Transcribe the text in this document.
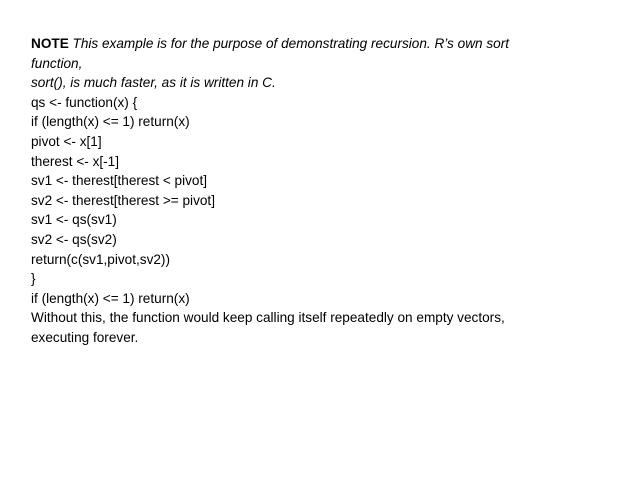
NOTE This example is for the purpose of demonstrating recursion. R’s own sort
function,
sort(), is much faster, as it is written in C.
qs <- function(x) {
if (length(x) <= 1) return(x)
pivot <- x[1]
therest <- x[-1]
sv1 <- therest[therest < pivot]
sv2 <- therest[therest >= pivot]
sv1 <- qs(sv1)
sv2 <- qs(sv2)
return(c(sv1,pivot,sv2))
}
if (length(x) <= 1) return(x)
Without this, the function would keep calling itself repeatedly on empty vectors,
executing forever.
